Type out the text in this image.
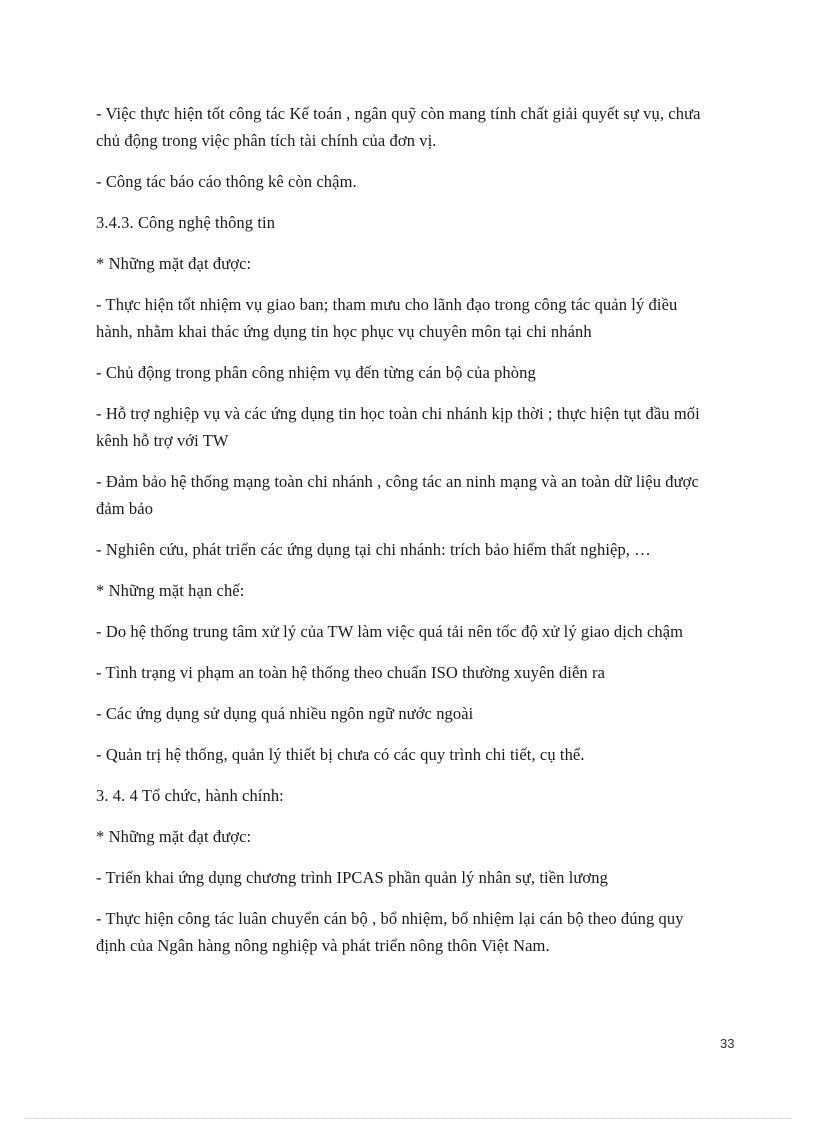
- Việc thực hiện tốt công tác Kế toán , ngân quỹ còn mang tính chất giải quyết sự vụ, chưa chủ động trong việc phân tích tài chính của đơn vị.

- Công tác báo cáo thông kê còn chậm.

3.4.3. Công nghệ thông tin

* Những mặt đạt được:

- Thực hiện tốt nhiệm vụ giao ban; tham mưu cho lãnh đạo trong công tác quản lý điều hành, nhằm khai thác ứng dụng tin học phục vụ chuyên môn tại chi nhánh

- Chủ động trong phân công nhiệm vụ đến từng cán bộ của phòng

- Hỗ trợ nghiệp vụ và các ứng dụng tin học toàn chi nhánh kịp thời ; thực hiện tụt đầu mối kênh hỗ trợ với TW

- Đảm bảo hệ thống mạng toàn chi nhánh , công tác an ninh mạng và an toàn dữ liệu được đảm bảo

- Nghiên cứu, phát triển các ứng dụng tại chi nhánh: trích bảo hiểm thất nghiệp, …

* Những mặt hạn chế:

- Do hệ thống trung tâm xử lý của TW làm việc quá tải nên tốc độ xử lý giao dịch chậm

- Tình trạng vi phạm an toàn hệ thống theo chuẩn ISO thường xuyên diễn ra

- Các ứng dụng sử dụng quá nhiều ngôn ngữ nước ngoài

- Quản trị hệ thống, quản lý thiết bị chưa có các quy trình chi tiết, cụ thể.

3. 4. 4 Tổ chức, hành chính:

* Những mặt đạt được:

- Triển khai ứng dụng chương trình IPCAS phần quản lý nhân sự, tiền lương

- Thực hiện công tác luân chuyển cán bộ , bổ nhiệm, bổ nhiệm lại cán bộ theo đúng quy định của Ngân hàng nông nghiệp và phát triển nông thôn Việt Nam.

33
